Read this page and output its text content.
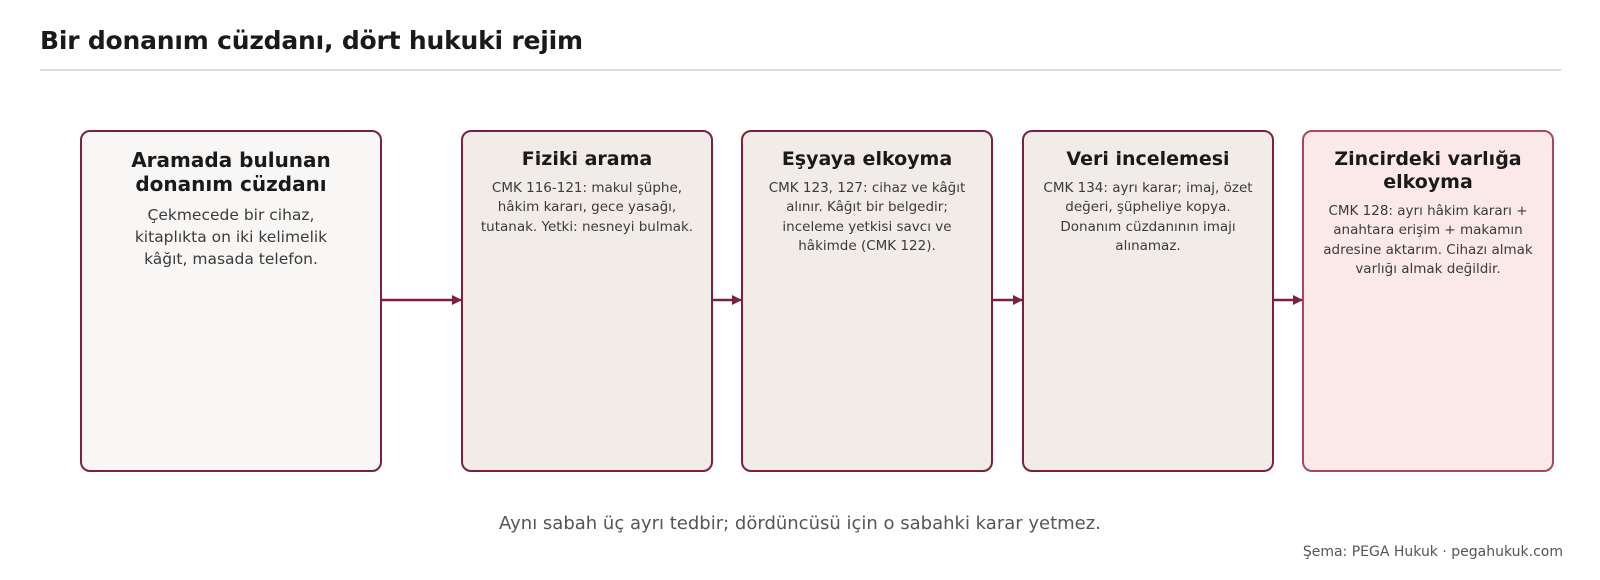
Bir donanım cüzdanı, dört hukuki rejim
Aramada bulunan donanım cüzdanı
Çekmecede bir cihaz, kitaplıkta on iki kelimelik kâğıt, masada telefon.
Fiziki arama
CMK 116-121: makul şüphe, hâkim kararı, gece yasağı, tutanak. Yetki: nesneyi bulmak.
Eşyaya elkoyma
CMK 123, 127: cihaz ve kâğıt alınır. Kâğıt bir belgedir; inceleme yetkisi savcı ve hâkimde (CMK 122).
Veri incelemesi
CMK 134: ayrı karar; imaj, özet değeri, şüpheliye kopya. Donanım cüzdanının imajı alınamaz.
Zincirdeki varlığa elkoyma
CMK 128: ayrı hâkim kararı + anahtara erişim + makamın adresine aktarım. Cihazı almak varlığı almak değildir.
Aynı sabah üç ayrı tedbir; dördüncüsü için o sabahki karar yetmez.
Şema: PEGA Hukuk · pegahukuk.com
